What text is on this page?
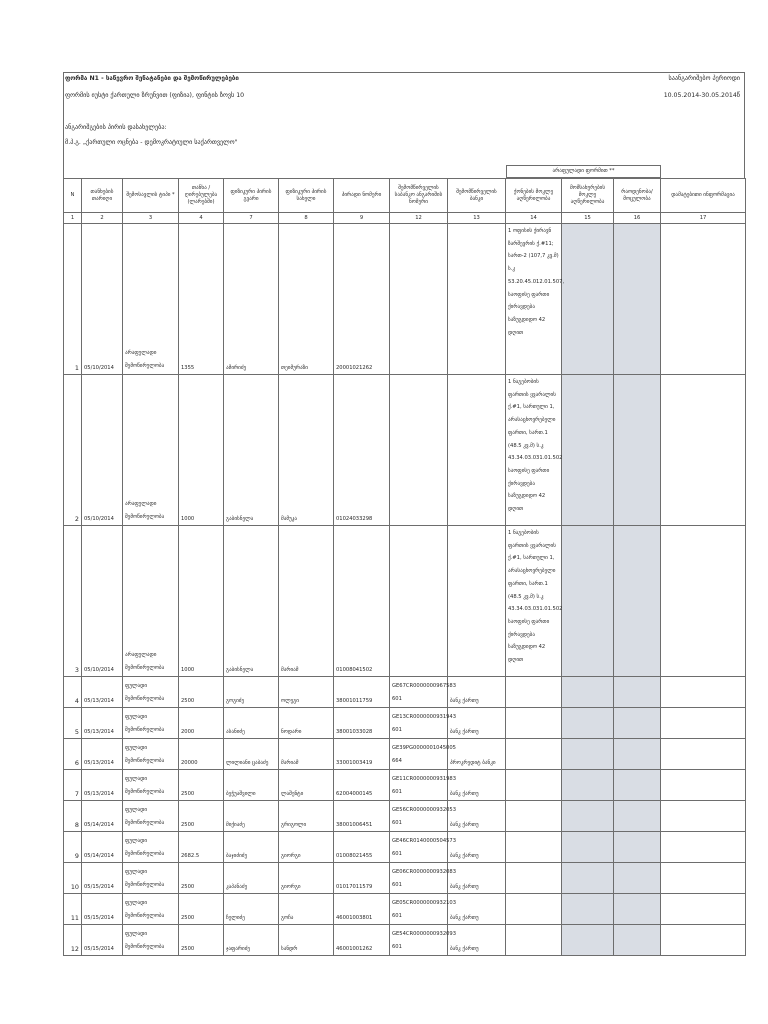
ფორმა N1 - საწევრო შენატანები და შემოწირულებები
ფორმის იუსტი ქართული ზრუნვით (ფიზია), ფინტის ზოვს 10
საანგარიშებო პერიოდი
10.05.2014-30.05.2014წ
ანგარიშგების პირის დასახელება:
მ.პ.გ. „ქართული ოცნება - დემოკრატიული საქართველო"
არაფულადი ფორმით **
N	თანხების თარიღი	შემოსავლის ტიპი *	თანხა / ღირებულება (ლარებში)	ფიზიკური პირის გვარი	ფიზიკური პირის სახელი	პირადი ნომერი	შემომწირველის საბანკო ანგარიშის ნომერი	შემომწირველის ბანკი	ქონების მოკლე აღწერილობა	მომსახურების მოკლე აღწერილობა	რაოდენობა/ მოცულობა	დამატებითი ინფორმაცია
1	2	3	4	7	8	9	12	13	14	15	16	17
1	05/10/2014	არაფულადი შემოწირულობა	1355	ამირიძე	თეიმურაზი	20001021262			1 ოფისის ქირავნ ზარშევრის ქ.#11; სართ-2 (107,7 კვ.მ) ს.კ 53.20.45.012.01.507, საოფისე ფართი ქირავდება საზუგდიდო 42 დღით			
2	05/10/2014	არაფულადი შემოწირულობა	1000	გაბისნელა	მამუკა	01024033298			1 ნაგებობის ფართის ყვარალის ქ.#1, სართული 1, არასაცხოვრებელი ფართი, სართ.1 (48.5 კვ.მ) ს.კ 43.34.03.031.01.502 საოფისე ფართი ქირავდება საზუგდიდო 42 დღით			
3	05/10/2014	არაფულადი შემოწირულობა	1000	გაბისნელა	მარიამ	01008041502			1 ნაგებობის ფართის ყვარალის ქ.#1, სართული 1, არასაცხოვრებელი ფართი, სართ.1 (48.5 კვ.მ) ს.კ 43.34.03.031.01.502 საოფისე ფართი ქირავდება საზუგდიდო 42 დღით			
4	05/13/2014	ფულადი შემოწირულობა	2500	გოგიძე	ოლეგი	38001011759	GE67CR0000000967583 601	ბანკ ქართუ				
5	05/13/2014	ფულადი შემოწირულობა	2000	ასანიძე	ნოდარი	38001033028	GE13CR0000000931943 601	ბანკ ქართუ				
6	05/13/2014	ფულადი შემოწირულობა	20000	ლილიანი ცაბაძე	მარიამ	33001003419	GE39PG0000001045005 664	პროკრედიტ ბანკი				
7	05/13/2014	ფულადი შემოწირულობა	2500	ბეჭუაშვილი	ლაშენტი	62004000145	GE11CR0000000931983 601	ბანკ ქართუ				
8	05/14/2014	ფულადი შემოწირულობა	2500	მიქიაძე	გრიგოლი	38001006451	GE56CR0000000932053 601	ბანკ ქართუ				
9	05/14/2014	ფულადი შემოწირულობა	2682.5	ბაჯიძიძე	გიორგი	01008021455	GE46CR0140000504573 601	ბანკ ქართუ				
10	05/15/2014	ფულადი შემოწირულობა	2500	კაპანაძე	გიორგი	01017011579	GE06CR0000000932083 601	ბანკ ქართუ				
11	05/15/2014	ფულადი შემოწირულობა	2500	ჩელიძე	გოჩა	46001003801	GE05CR0000000932103 601	ბანკ ქართუ				
12	05/15/2014	ფულადი შემოწირულობა	2500	ჯაფარიძე	სანდრ	46001001262	GE54CR0000000932093 601	ბანკ ქართუ				
